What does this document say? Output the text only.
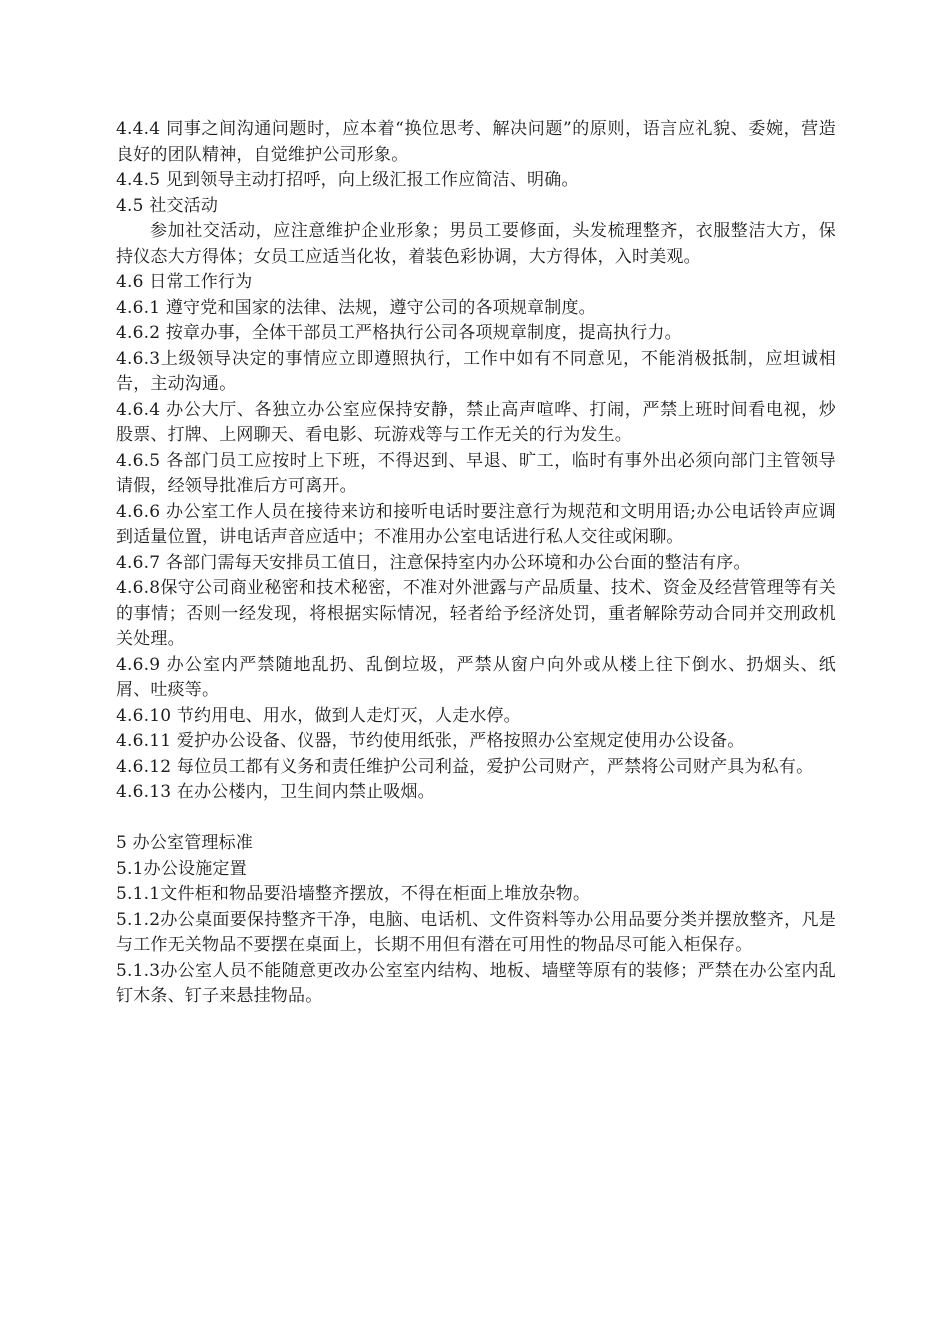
4.4.4 同事之间沟通问题时，应本着“换位思考、解决问题”的原则，语言应礼貌、委婉，营造良好的团队精神，自觉维护公司形象。

4.4.5 见到领导主动打招呼，向上级汇报工作应简洁、明确。

4.5 社交活动

参加社交活动，应注意维护企业形象；男员工要修面，头发梳理整齐，衣服整洁大方，保持仪态大方得体；女员工应适当化妆，着装色彩协调，大方得体，入时美观。

4.6 日常工作行为

4.6.1 遵守党和国家的法律、法规，遵守公司的各项规章制度。

4.6.2 按章办事，全体干部员工严格执行公司各项规章制度，提高执行力。

4.6.3上级领导决定的事情应立即遵照执行，工作中如有不同意见，不能消极抵制，应坦诚相告，主动沟通。

4.6.4 办公大厅、各独立办公室应保持安静，禁止高声喧哗、打闹，严禁上班时间看电视，炒股票、打牌、上网聊天、看电影、玩游戏等与工作无关的行为发生。

4.6.5 各部门员工应按时上下班，不得迟到、早退、旷工，临时有事外出必须向部门主管领导请假，经领导批准后方可离开。

4.6.6 办公室工作人员在接待来访和接听电话时要注意行为规范和文明用语;办公电话铃声应调到适量位置，讲电话声音应适中；不准用办公室电话进行私人交往或闲聊。

4.6.7 各部门需每天安排员工值日，注意保持室内办公环境和办公台面的整洁有序。

4.6.8保守公司商业秘密和技术秘密，不准对外泄露与产品质量、技术、资金及经营管理等有关的事情；否则一经发现，将根据实际情况，轻者给予经济处罚，重者解除劳动合同并交刑政机关处理。

4.6.9 办公室内严禁随地乱扔、乱倒垃圾，严禁从窗户向外或从楼上往下倒水、扔烟头、纸屑、吐痰等。

4.6.10 节约用电、用水，做到人走灯灭，人走水停。

4.6.11 爱护办公设备、仪器，节约使用纸张，严格按照办公室规定使用办公设备。

4.6.12 每位员工都有义务和责任维护公司利益，爱护公司财产，严禁将公司财产具为私有。

4.6.13 在办公楼内，卫生间内禁止吸烟。

5 办公室管理标准

5.1办公设施定置

5.1.1文件柜和物品要沿墙整齐摆放，不得在柜面上堆放杂物。

5.1.2办公桌面要保持整齐干净，电脑、电话机、文件资料等办公用品要分类并摆放整齐，凡是与工作无关物品不要摆在桌面上，长期不用但有潜在可用性的物品尽可能入柜保存。

5.1.3办公室人员不能随意更改办公室室内结构、地板、墙壁等原有的装修；严禁在办公室内乱钉木条、钉子来悬挂物品。
